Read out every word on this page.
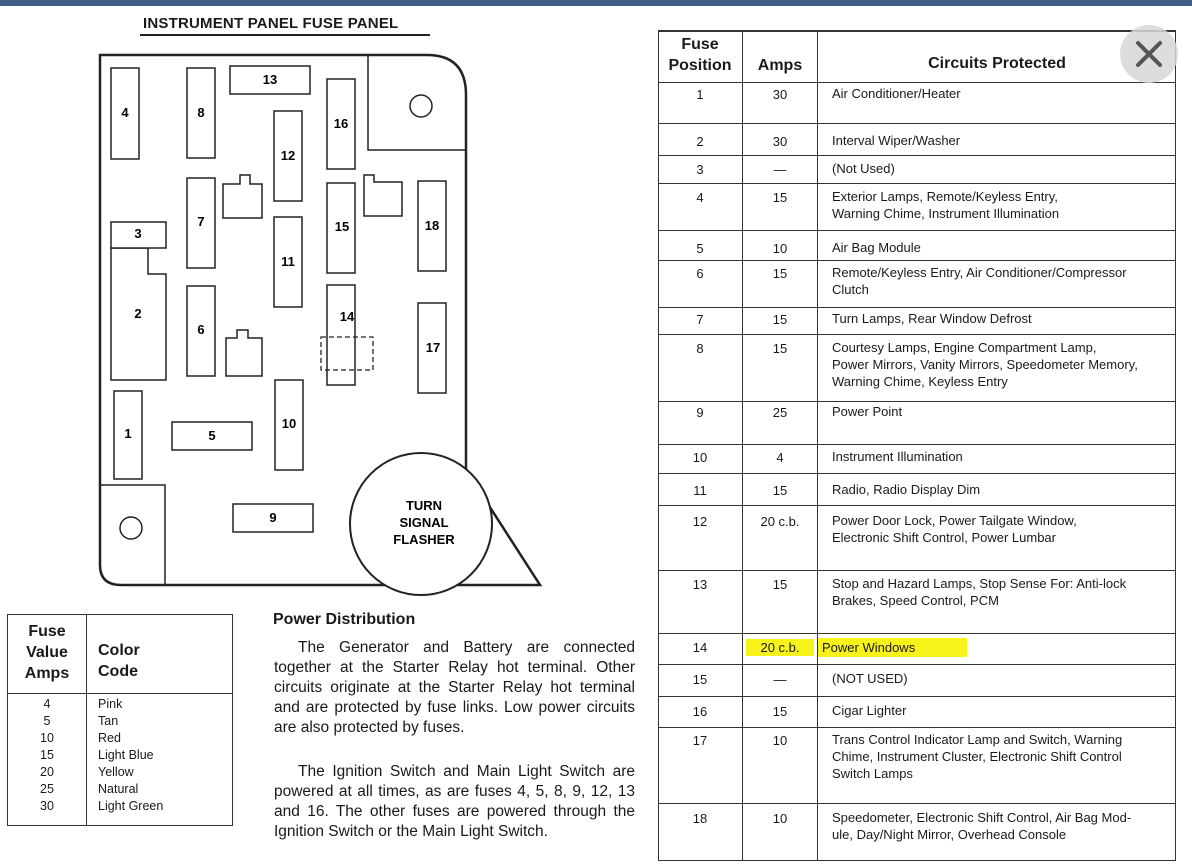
INSTRUMENT PANEL FUSE PANEL
TURN
SIGNAL
FLASHER
1
2
3
4
5
6
7
8
9
10
11
12
13
14
15
16
17
18
Fuse
Value
Amps
Color
Code
4	Pink
5	Tan
10	Red
15	Light Blue
20	Yellow
25	Natural
30	Light Green
Power Distribution

The Generator and Battery are connected together at the Starter Relay hot terminal. Other circuits originate at the Starter Relay hot terminal and are protected by fuse links. Low power circuits are also protected by fuses.

The Ignition Switch and Main Light Switch are powered at all times, as are fuses 4, 5, 8, 9, 12, 13 and 16. The other fuses are powered through the Ignition Switch or the Main Light Switch.

Fuse
Position	Amps	Circuits Protected
1	30	Air Conditioner/Heater
2	30	Interval Wiper/Washer
3	—	(Not Used)
4	15	Exterior Lamps, Remote/Keyless Entry,
Warning Chime, Instrument Illumination
5	10	Air Bag Module
6	15	Remote/Keyless Entry, Air Conditioner/Compressor
Clutch
7	15	Turn Lamps, Rear Window Defrost
8	15	Courtesy Lamps, Engine Compartment Lamp,
Power Mirrors, Vanity Mirrors, Speedometer Memory,
Warning Chime, Keyless Entry
9	25	Power Point
10	4	Instrument Illumination
11	15	Radio, Radio Display Dim
12	20 c.b.	Power Door Lock, Power Tailgate Window,
Electronic Shift Control, Power Lumbar
13	15	Stop and Hazard Lamps, Stop Sense For: Anti-lock
Brakes, Speed Control, PCM
14	20 c.b.	Power Windows
15	—	(NOT USED)
16	15	Cigar Lighter
17	10	Trans Control Indicator Lamp and Switch, Warning
Chime, Instrument Cluster, Electronic Shift Control
Switch Lamps
18	10	Speedometer, Electronic Shift Control, Air Bag Mod-
ule, Day/Night Mirror, Overhead Console
